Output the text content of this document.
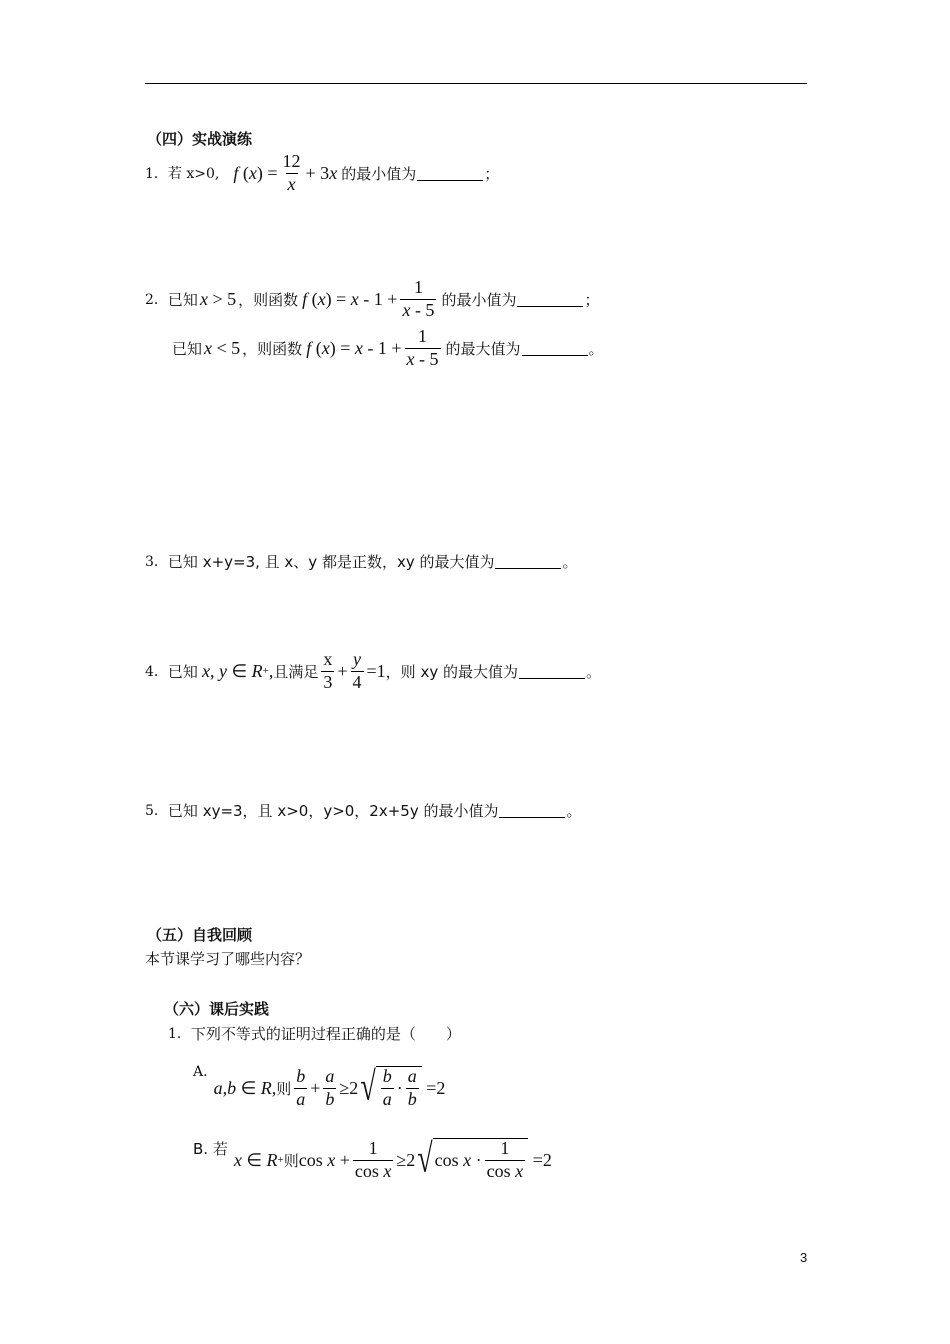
（四）实战演练
1． 若 x>0, f ( x ) = $\frac{12}{x} + 3$ x 的最小值为	；
2． 已知 x > 5 ，则函数 f ( x ) = $x - 1 + \frac{1}{x - 5}$ 的最小值为	；
已知 x < 5 ，则函数 f ( x ) = $x - 1 + \frac{1}{x - 5}$ 的最大值为	。
3． 已知 x+y=3, 且 x、y 都是正数，xy 的最大值为	。
4． 已知 x , y ∈ R + , 且满足 $\frac{x}{3} + \frac{y}{4} =1$ ，则 xy 的最大值为	。
5． 已知 xy=3，且 x>0，y>0，2x+5y 的最小值为	。
（五）自我回顾
本节课学习了哪些内容？
（六）课后实践
1． 下列不等式的证明过程正确的是（　　）
A.
a , b ∈ R , 则 $\frac{b}{a} + \frac{a}{b} \ge 2$ √ $\frac{b}{a} \cdot \frac{a}{b} =2$
B. 若
x ∈ R + 则 $\cos x + \frac{1}{\text{cos x}} \ge 2$ √ $\cos x \cdot \frac{1}{\text{cos x}} =2$
3
